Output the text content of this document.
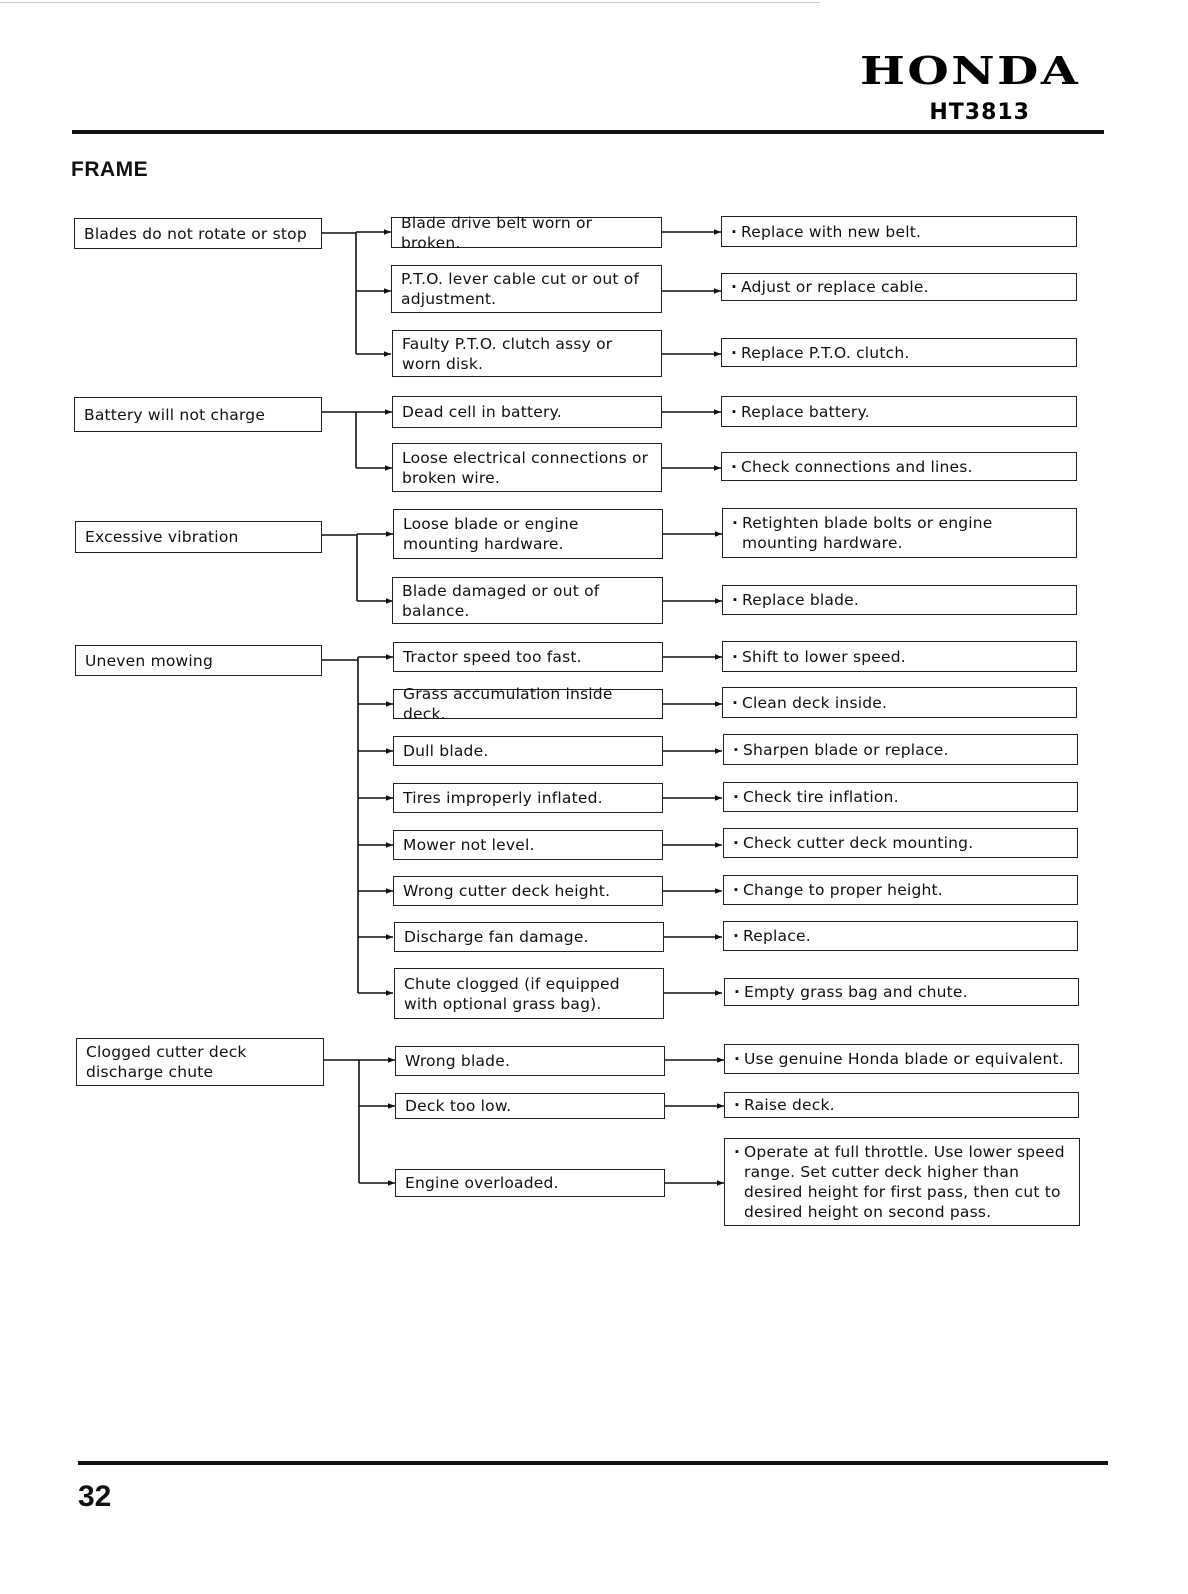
HONDA
HT3813
FRAME
Blades do not rotate or stop
Blade drive belt worn or broken.
P.T.O. lever cable cut or out of adjustment.
Faulty P.T.O. clutch assy or worn disk.
· Replace with new belt.
· Adjust or replace cable.
· Replace P.T.O. clutch.
Battery will not charge	Dead cell in battery.
Loose electrical connections or broken wire.
· Replace battery.
· Check connections and lines.
Excessive vibration
Loose blade or engine mounting hardware.
Blade damaged or out of balance.
· Retighten blade bolts or engine mounting hardware.
· Replace blade.
Uneven mowing	Tractor speed too fast.
Grass accumulation inside deck.
Dull blade.
Tires improperly inflated.
Mower not level.
Wrong cutter deck height.
Discharge fan damage.
Chute clogged (if equipped with optional grass bag).
· Shift to lower speed.
· Clean deck inside.
· Sharpen blade or replace.
· Check tire inflation.
· Check cutter deck mounting.
· Change to proper height.
· Replace.
· Empty grass bag and chute.
Clogged cutter deck discharge chute
Wrong blade.
Deck too low.
Engine overloaded.
· Use genuine Honda blade or equivalent.
· Raise deck.
· Operate at full throttle. Use lower speed range. Set cutter deck higher than desired height for first pass, then cut to desired height on second pass.
32
